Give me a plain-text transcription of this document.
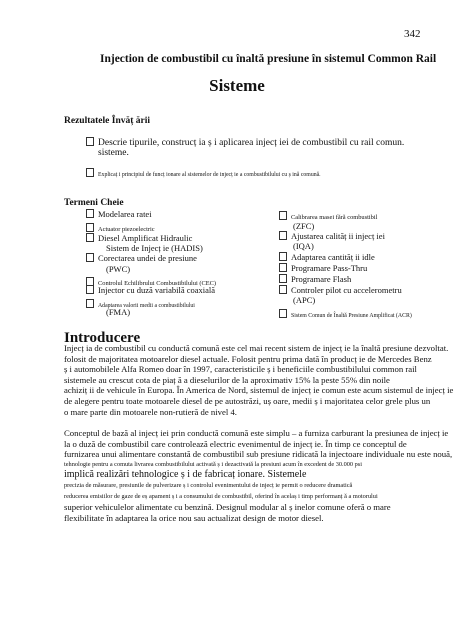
342
Injection de combustibil cu înaltă presiune în sistemul Common Rail
Sisteme
Rezultatele Învăț ării
Descrie tipurile, construcț ia ș i aplicarea injecț iei de combustibil cu rail comun.
sisteme.
Explicaț i principiul de funcț ionare al sistemelor de injecț ie a combustibilului cu ș ină comună.
Termeni Cheie
Modelarea ratei
Actuator piezoelectric
Diesel Amplificat Hidraulic
Sistem de Injecț ie (HADIS)
Corectarea undei de presiune
(PWC)
Controlul Echilibrului Combustibilului (CEC)
Injector cu duză variabilă coaxială
Adaptarea valorii medii a combustibilului
(FMA)
Calibrarea masei fără combustibil
(ZFC)
Ajustarea calităț ii injecț iei
(IQA)
Adaptarea cantităț ii idle
Programare Pass-Thru
Programare Flash
Controler pilot cu accelerometru
(APC)
Sistem Comun de Înaltă Presiune Amplificat (ACR)
Introducere
Injecț ia de combustibil cu conductă comună este cel mai recent sistem de injecț ie la înaltă presiune dezvoltat.
folosit de majoritatea motoarelor diesel actuale. Folosit pentru prima dată în producț ie de Mercedes Benz
ș i automobilele Alfa Romeo doar în 1997, caracteristicile ș i beneficiile combustibilului common rail
sistemele au crescut cota de piaț ă a dieselurilor de la aproximativ 15% la peste 55% din noile
achiziț ii de vehicule în Europa. În America de Nord, sistemul de injecț ie comun este acum sistemul de injecț ie
de alegere pentru toate motoarele diesel de pe autostrăzi, uș oare, medii ș i majoritatea celor grele plus un
o mare parte din motoarele non-rutieră de nivel 4.
Conceptul de bază al injecț iei prin conductă comună este simplu – a furniza carburant la presiunea de injecț ie
la o duză de combustibil care controlează electric evenimentul de injecț ie. În timp ce conceptul de
furnizarea unui alimentare constantă de combustibil sub presiune ridicată la injectoare individuale nu este nouă,
tehnologie pentru a comuta livrarea combustibilului activată ș i dezactivată la presiuni acum în excedent de 30.000 psi
implică realizări tehnologice ș i de fabricaț ionare. Sistemele
precizia de măsurare, presiunile de pulverizare ș i controlul evenimentului de injecț ie permit o reducere dramatică
reducerea emisiilor de gaze de eș apament ș i a consumului de combustibil, oferind în acelaș i timp performanț ă a motorului
superior vehiculelor alimentate cu benzină. Designul modular al ș inelor comune oferă o mare
flexibilitate în adaptarea la orice nou sau actualizat design de motor diesel.
